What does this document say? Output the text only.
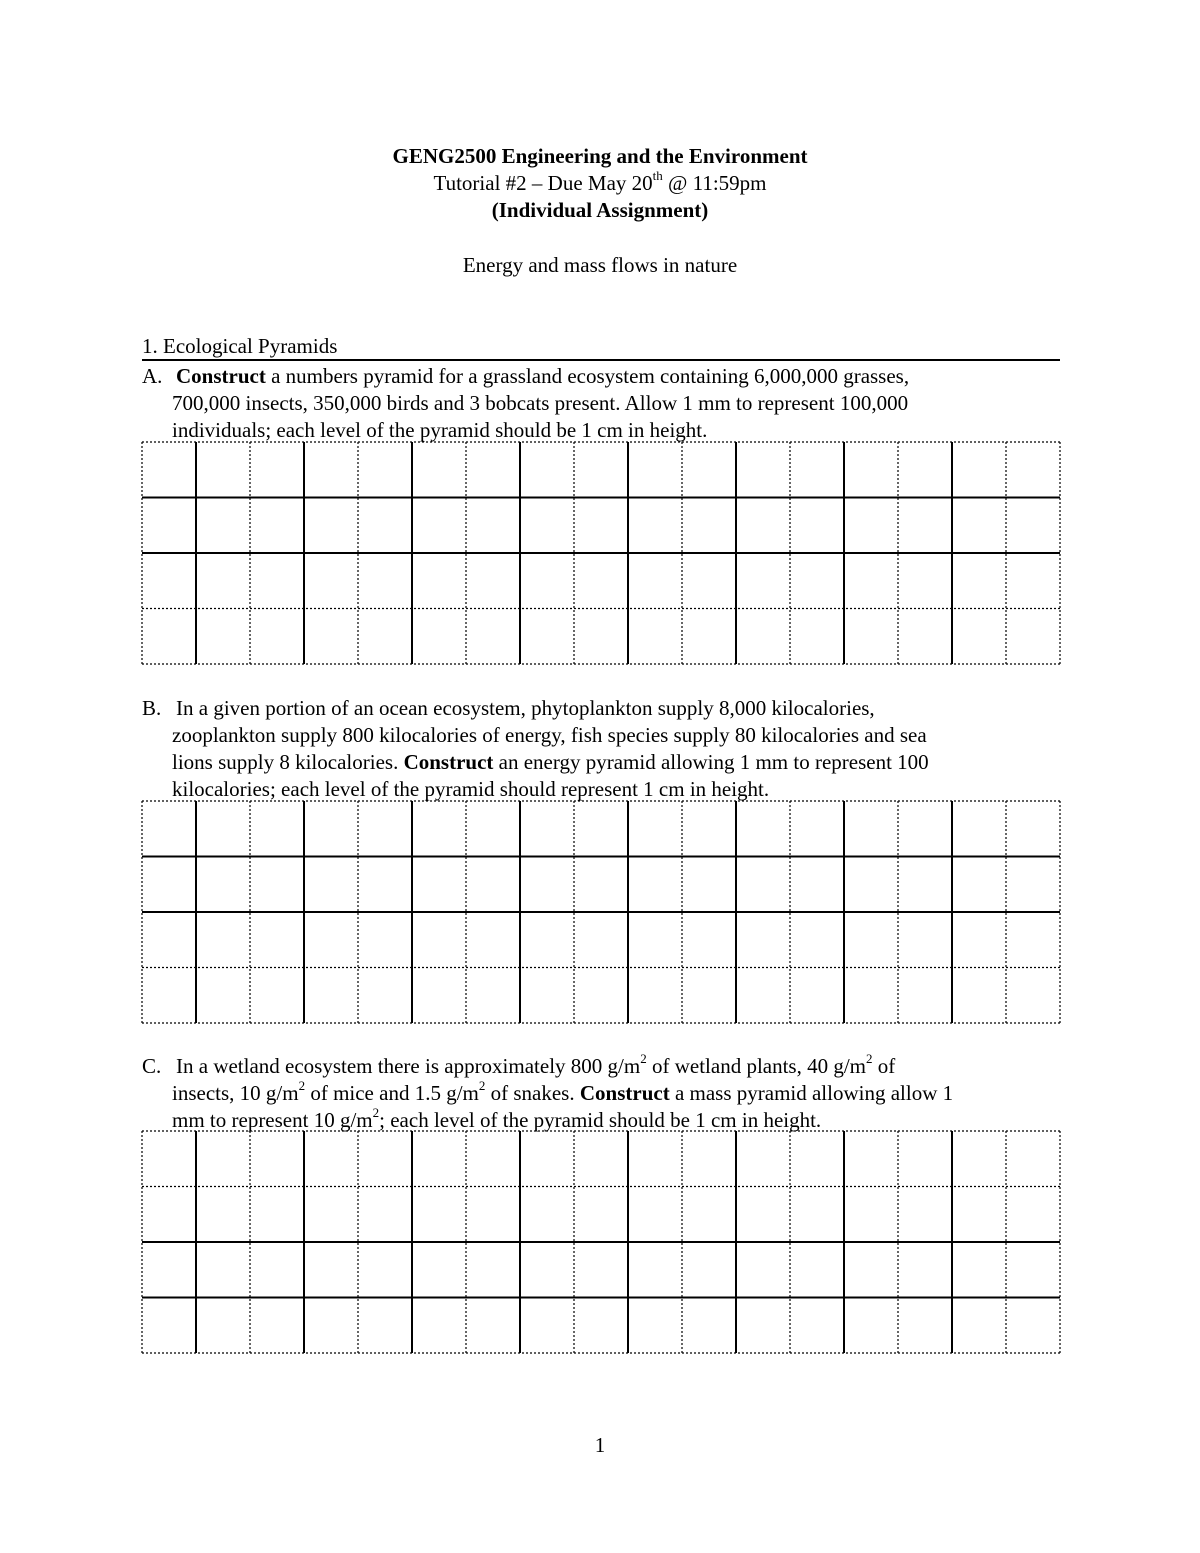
GENG2500 Engineering and the Environment
Tutorial #2 – Due May 20th @ 11:59pm
(Individual Assignment)
Energy and mass flows in nature
1. Ecological Pyramids
A. Construct a numbers pyramid for a grassland ecosystem containing 6,000,000 grasses,
700,000 insects, 350,000 birds and 3 bobcats present. Allow 1 mm to represent 100,000
individuals; each level of the pyramid should be 1 cm in height.
B. In a given portion of an ocean ecosystem, phytoplankton supply 8,000 kilocalories,
zooplankton supply 800 kilocalories of energy, fish species supply 80 kilocalories and sea
lions supply 8 kilocalories. Construct an energy pyramid allowing 1 mm to represent 100
kilocalories; each level of the pyramid should represent 1 cm in height.
C. In a wetland ecosystem there is approximately 800 $g/m^2$ of wetland plants, 40 $g/m^2$ of
insects, 10 $g/m^2$ of mice and 1.5 $g/m^2$ of snakes. Construct a mass pyramid allowing allow 1
mm to represent 10 $g/m^2$; each level of the pyramid should be 1 cm in height.
1
